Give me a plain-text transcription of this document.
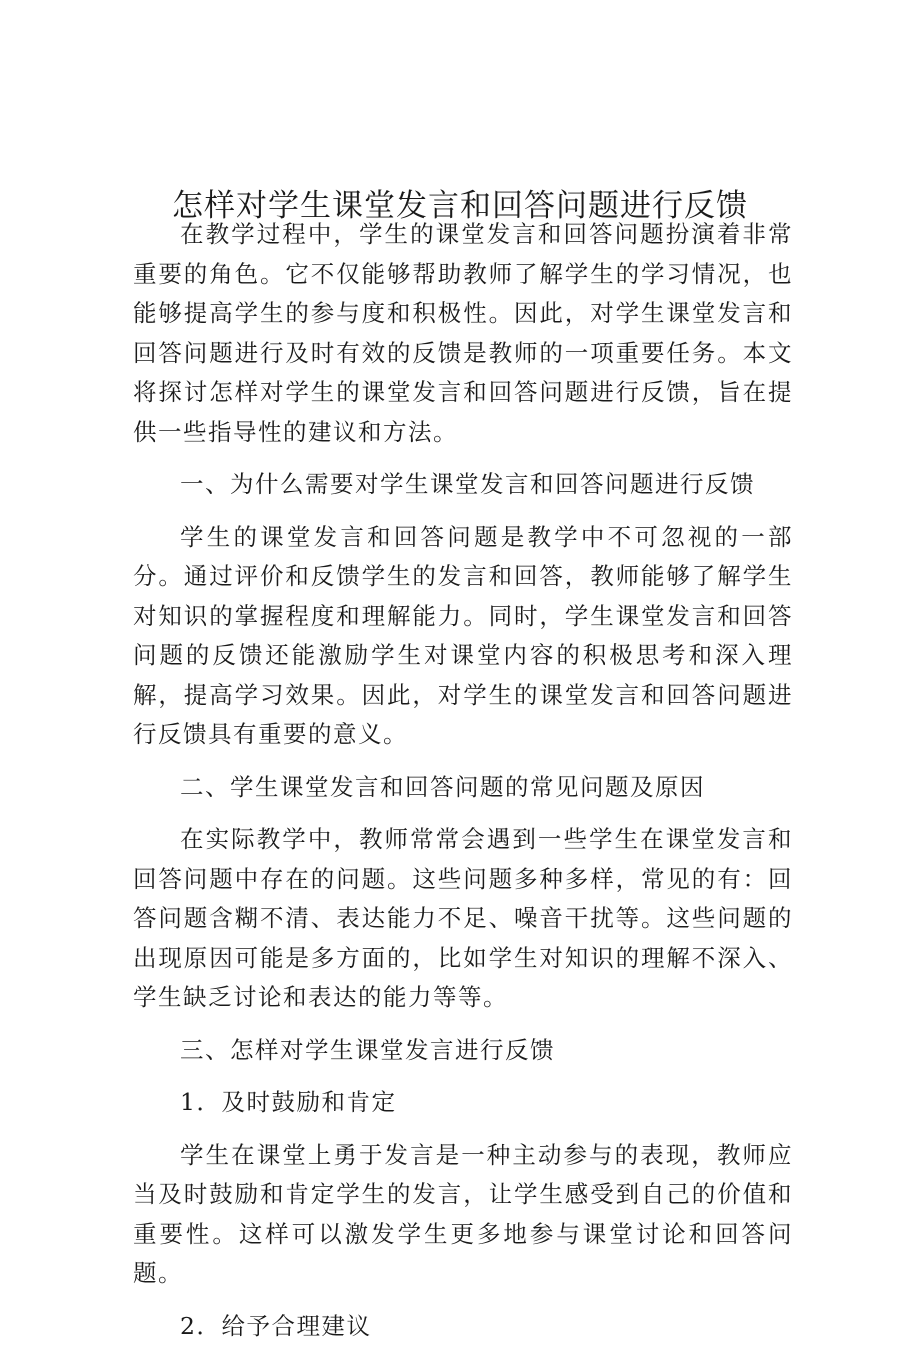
怎样对学生课堂发言和回答问题进行反馈

在教学过程中，学生的课堂发言和回答问题扮演着非常重要的角色。它不仅能够帮助教师了解学生的学习情况，也能够提高学生的参与度和积极性。因此，对学生课堂发言和回答问题进行及时有效的反馈是教师的一项重要任务。本文将探讨怎样对学生的课堂发言和回答问题进行反馈，旨在提供一些指导性的建议和方法。

一、为什么需要对学生课堂发言和回答问题进行反馈

学生的课堂发言和回答问题是教学中不可忽视的一部分。通过评价和反馈学生的发言和回答，教师能够了解学生对知识的掌握程度和理解能力。同时，学生课堂发言和回答问题的反馈还能激励学生对课堂内容的积极思考和深入理解，提高学习效果。因此，对学生的课堂发言和回答问题进行反馈具有重要的意义。

二、学生课堂发言和回答问题的常见问题及原因

在实际教学中，教师常常会遇到一些学生在课堂发言和回答问题中存在的问题。这些问题多种多样，常见的有：回答问题含糊不清、表达能力不足、噪音干扰等。这些问题的出现原因可能是多方面的，比如学生对知识的理解不深入、学生缺乏讨论和表达的能力等等。

三、怎样对学生课堂发言进行反馈

1．及时鼓励和肯定

学生在课堂上勇于发言是一种主动参与的表现，教师应当及时鼓励和肯定学生的发言，让学生感受到自己的价值和重要性。这样可以激发学生更多地参与课堂讨论和回答问题。

2．给予合理建议
